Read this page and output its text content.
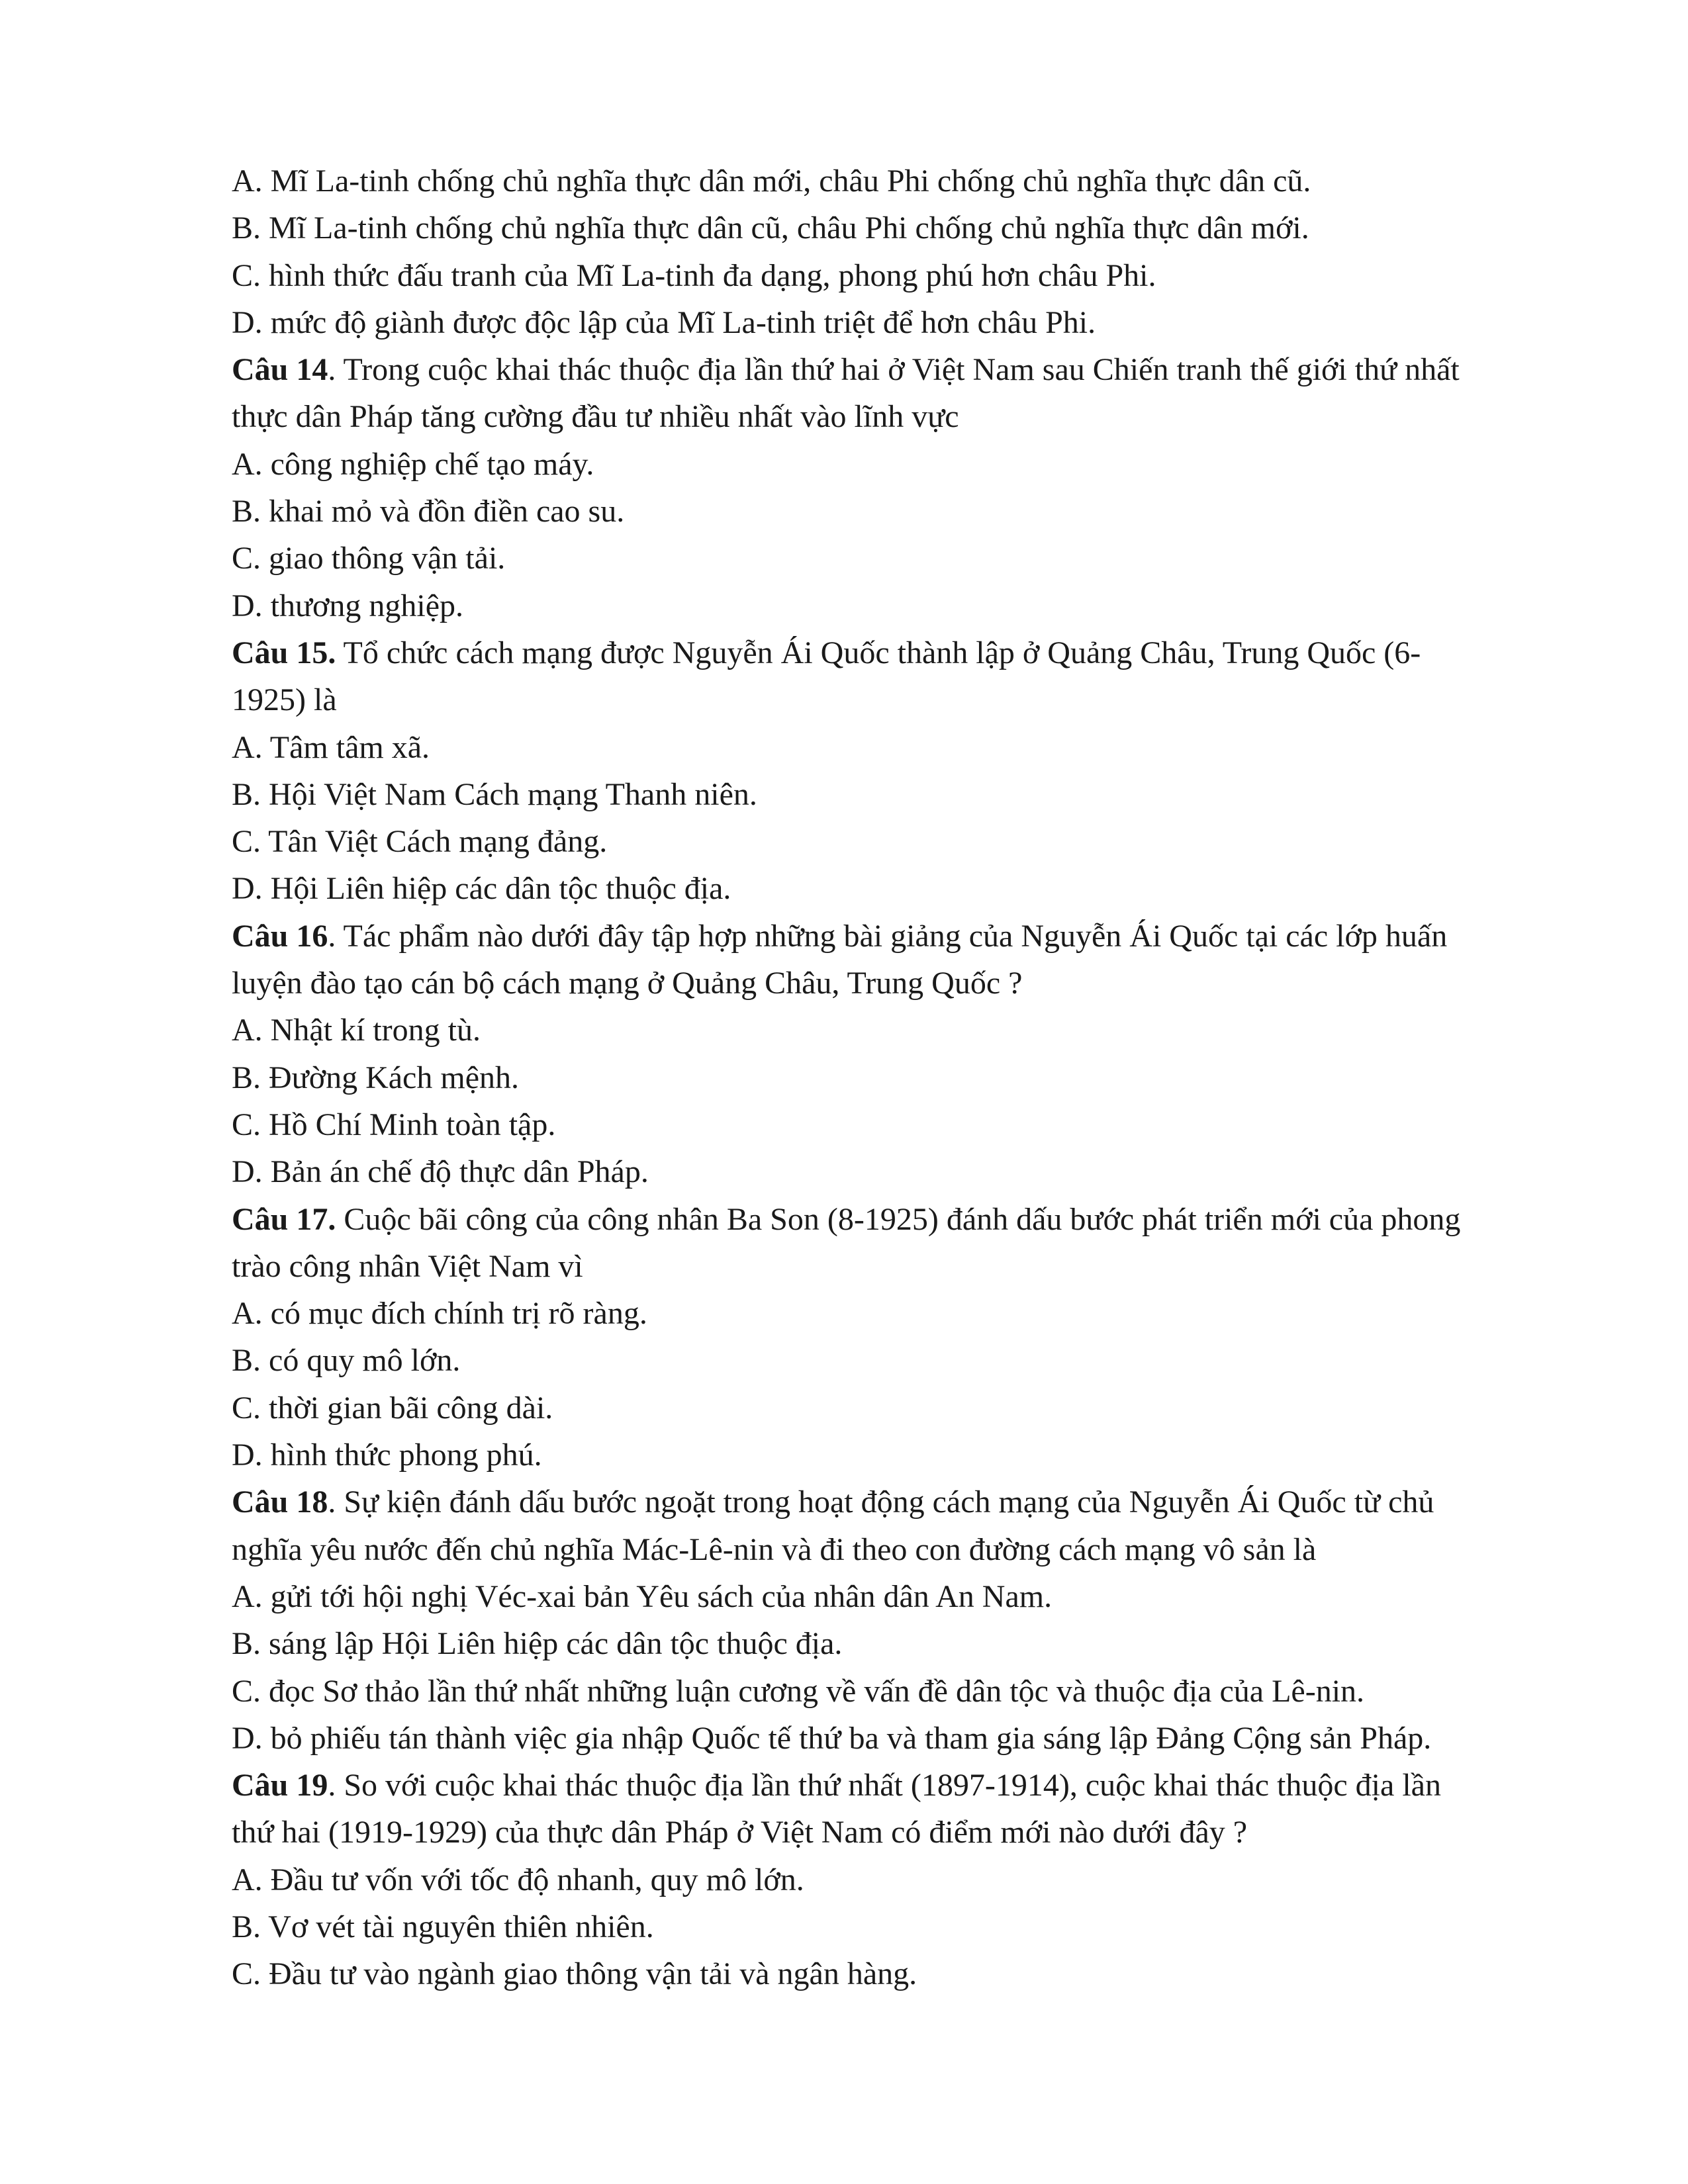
A. Mĩ La-tinh chống chủ nghĩa thực dân mới, châu Phi chống chủ nghĩa thực dân cũ.
B. Mĩ La-tinh chống chủ nghĩa thực dân cũ, châu Phi chống chủ nghĩa thực dân mới.
C. hình thức đấu tranh của Mĩ La-tinh đa dạng, phong phú hơn châu Phi.
D. mức độ giành được độc lập của Mĩ La-tinh triệt để hơn châu Phi.
Câu 14. Trong cuộc khai thác thuộc địa lần thứ hai ở Việt Nam sau Chiến tranh thế giới thứ nhất
thực dân Pháp tăng cường đầu tư nhiều nhất vào lĩnh vực
A. công nghiệp chế tạo máy.
B. khai mỏ và đồn điền cao su.
C. giao thông vận tải.
D. thương nghiệp.
Câu 15. Tổ chức cách mạng được Nguyễn Ái Quốc thành lập ở Quảng Châu, Trung Quốc (6-
1925) là
A. Tâm tâm xã.
B. Hội Việt Nam Cách mạng Thanh niên.
C. Tân Việt Cách mạng đảng.
D. Hội Liên hiệp các dân tộc thuộc địa.
Câu 16. Tác phẩm nào dưới đây tập hợp những bài giảng của Nguyễn Ái Quốc tại các lớp huấn
luyện đào tạo cán bộ cách mạng ở Quảng Châu, Trung Quốc ?
A. Nhật kí trong tù.
B. Đường Kách mệnh.
C. Hồ Chí Minh toàn tập.
D. Bản án chế độ thực dân Pháp.
Câu 17. Cuộc bãi công của công nhân Ba Son (8-1925) đánh dấu bước phát triển mới của phong
trào công nhân Việt Nam vì
A. có mục đích chính trị rõ ràng.
B. có quy mô lớn.
C. thời gian bãi công dài.
D. hình thức phong phú.
Câu 18. Sự kiện đánh dấu bước ngoặt trong hoạt động cách mạng của Nguyễn Ái Quốc từ chủ
nghĩa yêu nước đến chủ nghĩa Mác-Lê-nin và đi theo con đường cách mạng vô sản là
A. gửi tới hội nghị Véc-xai bản Yêu sách của nhân dân An Nam.
B. sáng lập Hội Liên hiệp các dân tộc thuộc địa.
C. đọc Sơ thảo lần thứ nhất những luận cương về vấn đề dân tộc và thuộc địa của Lê-nin.
D. bỏ phiếu tán thành việc gia nhập Quốc tế thứ ba và tham gia sáng lập Đảng Cộng sản Pháp.
Câu 19. So với cuộc khai thác thuộc địa lần thứ nhất (1897-1914), cuộc khai thác thuộc địa lần
thứ hai (1919-1929) của thực dân Pháp ở Việt Nam có điểm mới nào dưới đây ?
A. Đầu tư vốn với tốc độ nhanh, quy mô lớn.
B. Vơ vét tài nguyên thiên nhiên.
C. Đầu tư vào ngành giao thông vận tải và ngân hàng.
